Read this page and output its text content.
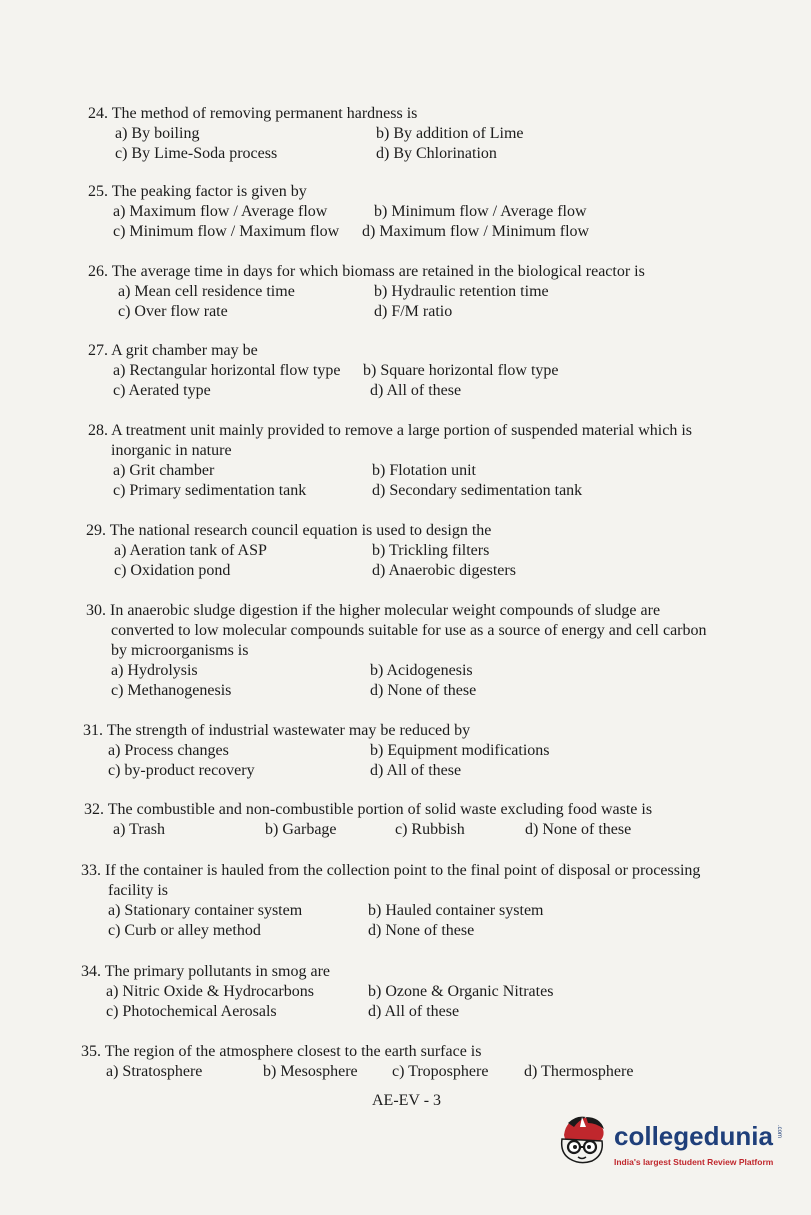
24. The method of removing permanent hardness is
a) By boiling	b) By addition of Lime
c) By Lime-Soda process	d) By Chlorination
25. The peaking factor is given by
a) Maximum flow / Average flow	b) Minimum flow / Average flow
c) Minimum flow / Maximum flow d) Maximum flow / Minimum flow
26. The average time in days for which biomass are retained in the biological reactor is
a) Mean cell residence time	b) Hydraulic retention time
c) Over flow rate	d) F/M ratio
27. A grit chamber may be
a) Rectangular horizontal flow type b) Square horizontal flow type
c) Aerated type	d) All of these
28. A treatment unit mainly provided to remove a large portion of suspended material which is
inorganic in nature
a) Grit chamber	b) Flotation unit
c) Primary sedimentation tank	d) Secondary sedimentation tank
29. The national research council equation is used to design the
a) Aeration tank of ASP	b) Trickling filters
c) Oxidation pond	d) Anaerobic digesters
30. In anaerobic sludge digestion if the higher molecular weight compounds of sludge are
converted to low molecular compounds suitable for use as a source of energy and cell carbon
by microorganisms is
a) Hydrolysis	b) Acidogenesis
c) Methanogenesis	d) None of these
31. The strength of industrial wastewater may be reduced by
a) Process changes	b) Equipment modifications
c) by-product recovery	d) All of these
32. The combustible and non-combustible portion of solid waste excluding food waste is
a) Trash	b) Garbage	c) Rubbish	d) None of these
33. If the container is hauled from the collection point to the final point of disposal or processing
facility is
a) Stationary container system	b) Hauled container system
c) Curb or alley method	d) None of these
34. The primary pollutants in smog are
a) Nitric Oxide & Hydrocarbons	b) Ozone & Organic Nitrates
c) Photochemical Aerosals	d) All of these
35. The region of the atmosphere closest to the earth surface is
a) Stratosphere	b) Mesosphere c) Troposphere d) Thermosphere
AE-EV - 3
collegedunia .com
India's largest Student Review Platform
